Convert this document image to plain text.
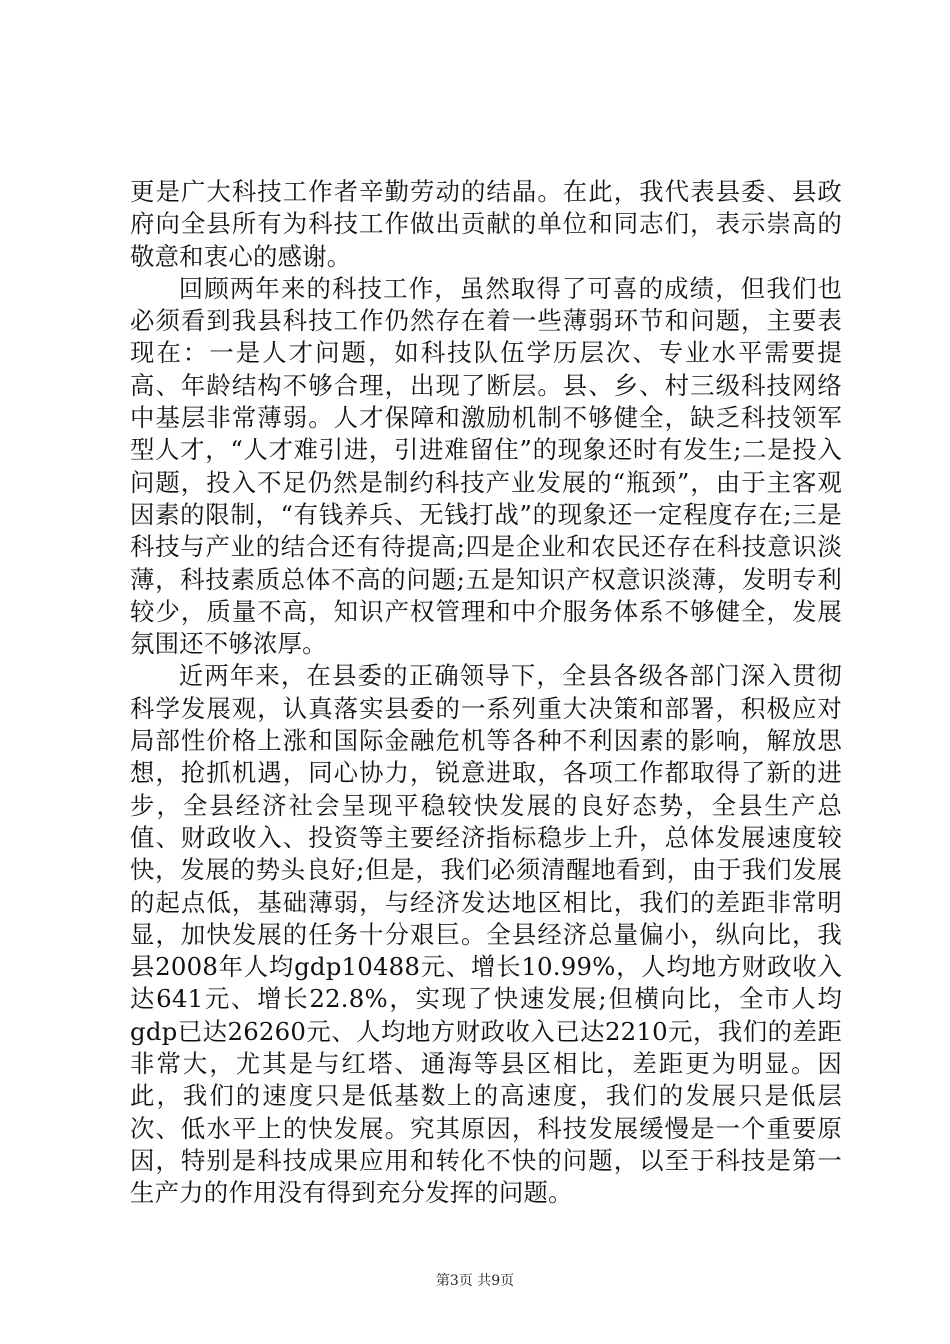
更是广大科技工作者辛勤劳动的结晶。在此，我代表县委、县政府向全县所有为科技工作做出贡献的单位和同志们，表示崇高的敬意和衷心的感谢。

回顾两年来的科技工作，虽然取得了可喜的成绩，但我们也必须看到我县科技工作仍然存在着一些薄弱环节和问题，主要表现在：一是人才问题，如科技队伍学历层次、专业水平需要提高、年龄结构不够合理，出现了断层。县、乡、村三级科技网络中基层非常薄弱。人才保障和激励机制不够健全，缺乏科技领军型人才，“人才难引进，引进难留住”的现象还时有发生;二是投入问题，投入不足仍然是制约科技产业发展的“瓶颈”，由于主客观因素的限制，“有钱养兵、无钱打战”的现象还一定程度存在;三是科技与产业的结合还有待提高;四是企业和农民还存在科技意识淡薄，科技素质总体不高的问题;五是知识产权意识淡薄，发明专利较少，质量不高，知识产权管理和中介服务体系不够健全，发展氛围还不够浓厚。

近两年来，在县委的正确领导下，全县各级各部门深入贯彻科学发展观，认真落实县委的一系列重大决策和部署，积极应对局部性价格上涨和国际金融危机等各种不利因素的影响，解放思想，抢抓机遇，同心协力，锐意进取，各项工作都取得了新的进步，全县经济社会呈现平稳较快发展的良好态势，全县生产总值、财政收入、投资等主要经济指标稳步上升，总体发展速度较快，发展的势头良好;但是，我们必须清醒地看到，由于我们发展的起点低，基础薄弱，与经济发达地区相比，我们的差距非常明显，加快发展的任务十分艰巨。全县经济总量偏小，纵向比，我县2008年人均gdp10488元、增长10.99%，人均地方财政收入达641元、增长22.8%，实现了快速发展;但横向比，全市人均gdp已达26260元、人均地方财政收入已达2210元，我们的差距非常大，尤其是与红塔、通海等县区相比，差距更为明显。因此，我们的速度只是低基数上的高速度，我们的发展只是低层次、低水平上的快发展。究其原因，科技发展缓慢是一个重要原因，特别是科技成果应用和转化不快的问题，以至于科技是第一生产力的作用没有得到充分发挥的问题。

第3页 共9页
